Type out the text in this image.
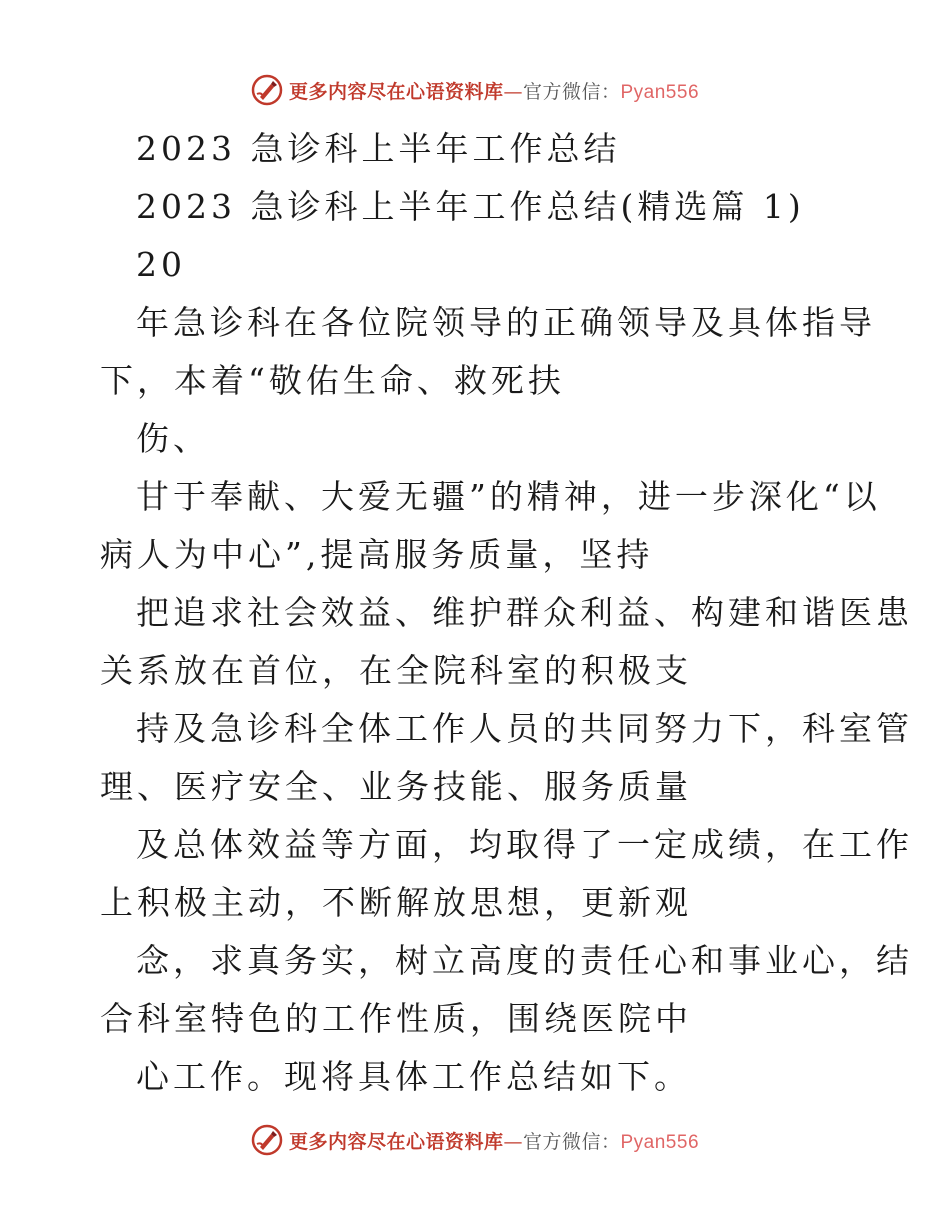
更多内容尽在心语资料库—官方微信：Pyan556
2023 急诊科上半年工作总结
2023 急诊科上半年工作总结(精选篇 1)
20
年急诊科在各位院领导的正确领导及具体指导
下，本着“敬佑生命、救死扶
伤、
甘于奉献、大爱无疆”的精神，进一步深化“以
病人为中心”,提高服务质量，坚持
把追求社会效益、维护群众利益、构建和谐医患
关系放在首位，在全院科室的积极支
持及急诊科全体工作人员的共同努力下，科室管
理、医疗安全、业务技能、服务质量
及总体效益等方面，均取得了一定成绩，在工作
上积极主动，不断解放思想，更新观
念，求真务实，树立高度的责任心和事业心，结
合科室特色的工作性质，围绕医院中
心工作。现将具体工作总结如下。
更多内容尽在心语资料库—官方微信：Pyan556
